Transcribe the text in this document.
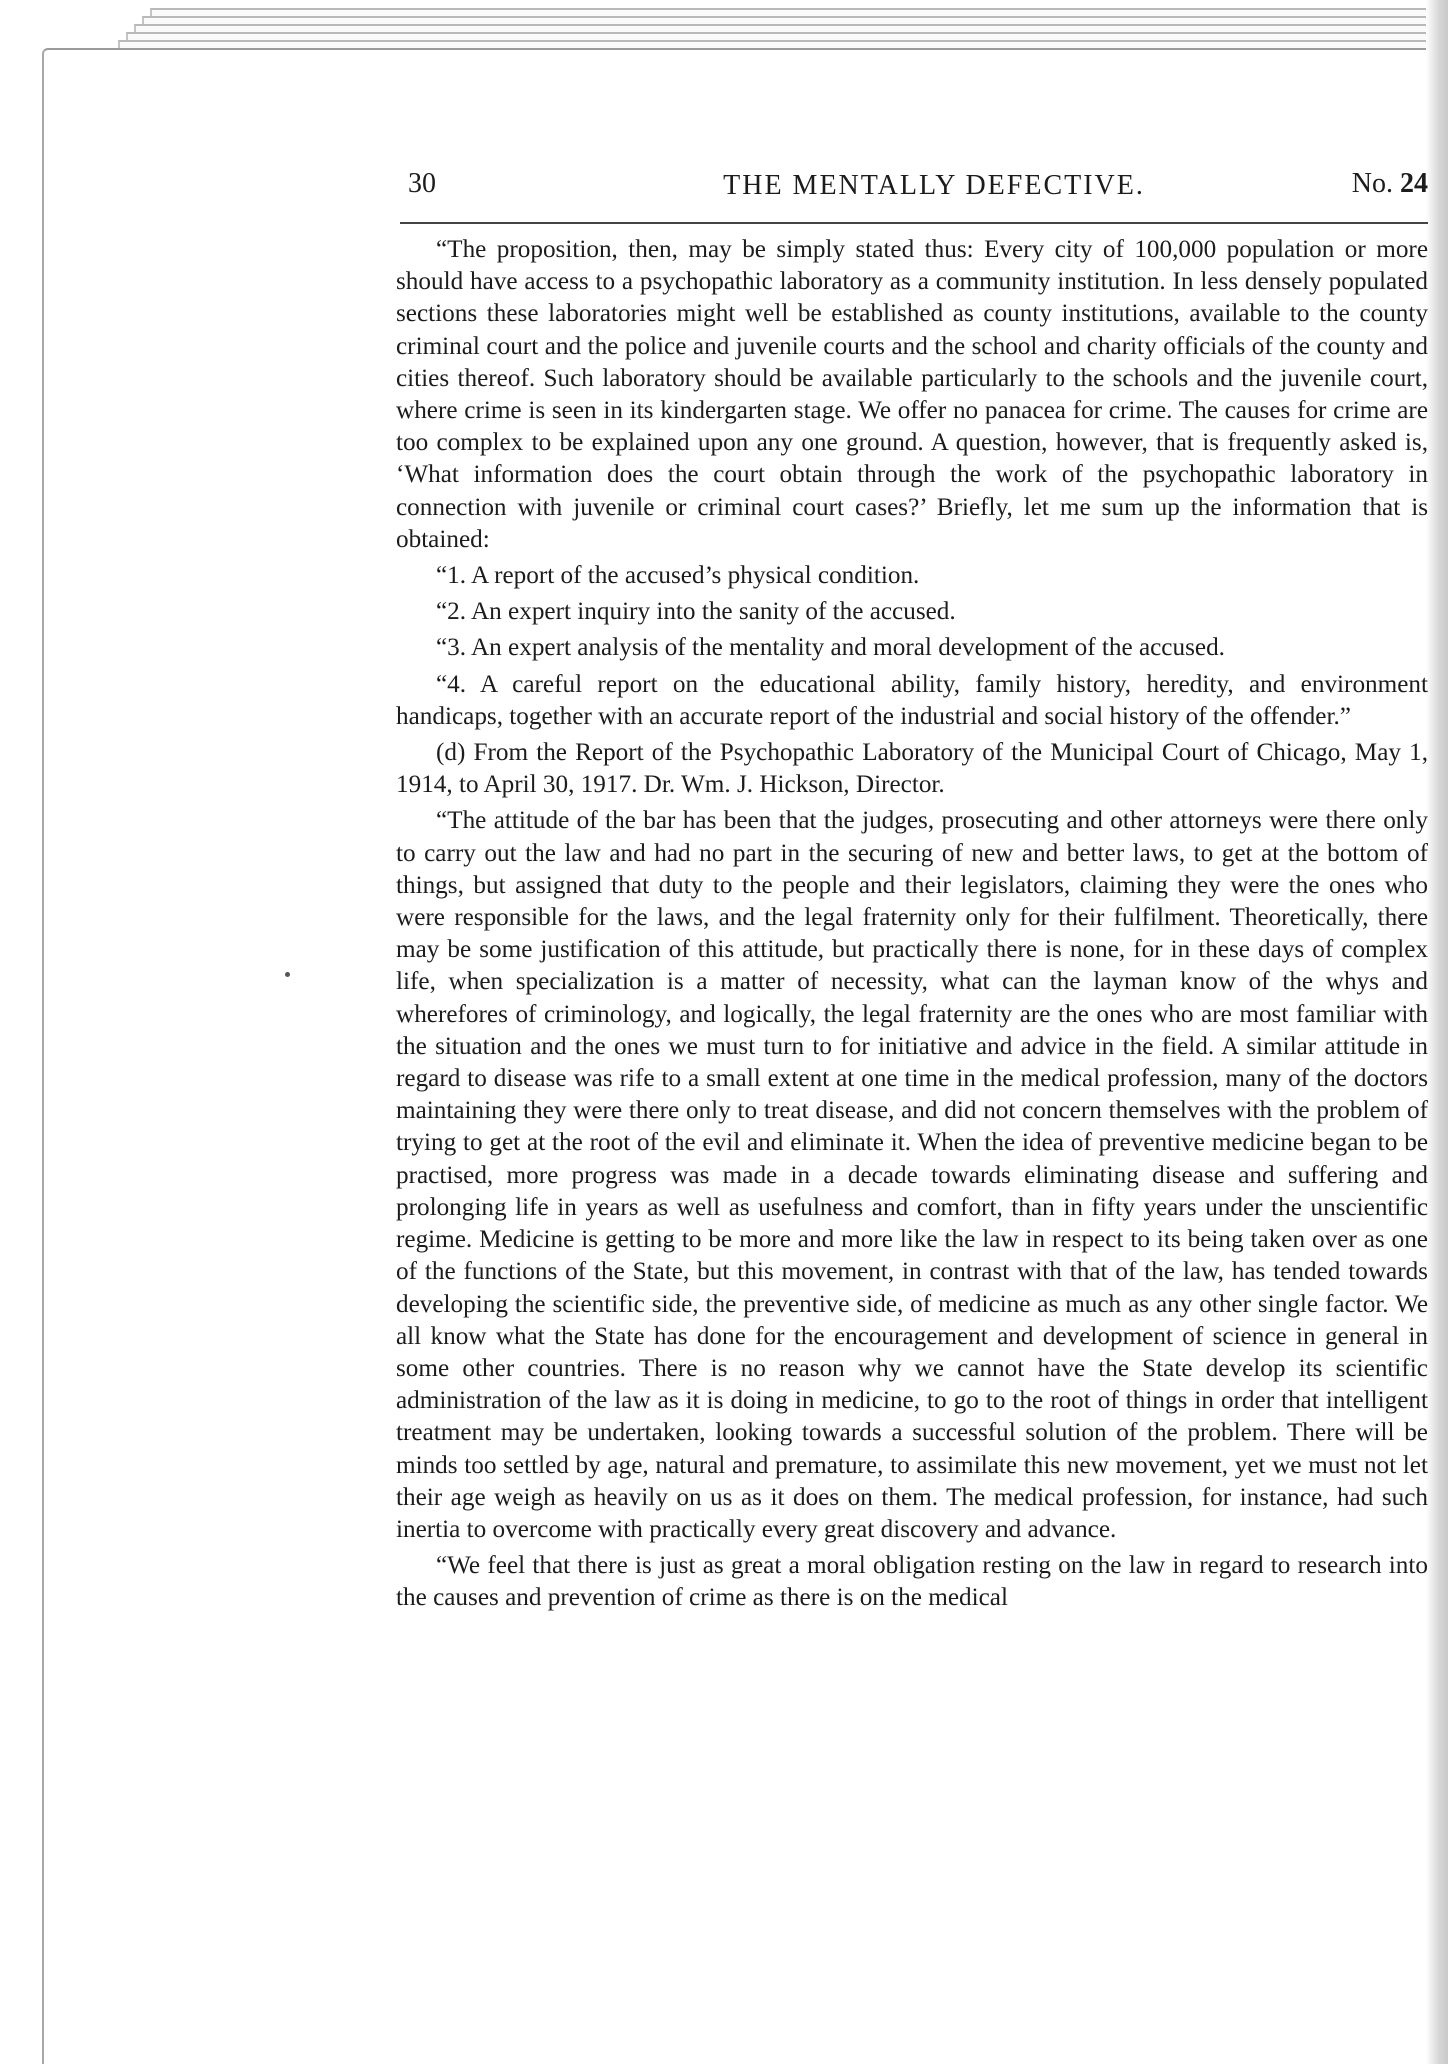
30	THE MENTALLY DEFECTIVE.	No. 24

“The proposition, then, may be simply stated thus: Every city of 100,000 population or more should have access to a psychopathic laboratory as a community institution. In less densely populated sections these laboratories might well be established as county institutions, available to the county criminal court and the police and juvenile courts and the school and charity officials of the county and cities thereof. Such laboratory should be available particularly to the schools and the juvenile court, where crime is seen in its kindergarten stage. We offer no panacea for crime. The causes for crime are too complex to be explained upon any one ground. A question, however, that is frequently asked is, ‘What information does the court obtain through the work of the psychopathic laboratory in connection with juvenile or criminal court cases?’ Briefly, let me sum up the information that is obtained:

“1. A report of the accused’s physical condition.

“2. An expert inquiry into the sanity of the accused.

“3. An expert analysis of the mentality and moral development of the accused.

“4. A careful report on the educational ability, family history, heredity, and environment handicaps, together with an accurate report of the industrial and social history of the offender.”

(d) From the Report of the Psychopathic Laboratory of the Municipal Court of Chicago, May 1, 1914, to April 30, 1917. Dr. Wm. J. Hickson, Director.

“The attitude of the bar has been that the judges, prosecuting and other attorneys were there only to carry out the law and had no part in the securing of new and better laws, to get at the bottom of things, but assigned that duty to the people and their legislators, claiming they were the ones who were responsible for the laws, and the legal fraternity only for their fulfilment. Theoretically, there may be some justification of this attitude, but practically there is none, for in these days of complex life, when specialization is a matter of necessity, what can the layman know of the whys and wherefores of criminology, and logically, the legal fraternity are the ones who are most familiar with the situation and the ones we must turn to for initiative and advice in the field. A similar attitude in regard to disease was rife to a small extent at one time in the medical profession, many of the doctors maintaining they were there only to treat disease, and did not concern themselves with the problem of trying to get at the root of the evil and eliminate it. When the idea of preventive medicine began to be practised, more progress was made in a decade towards eliminating disease and suffering and prolonging life in years as well as usefulness and comfort, than in fifty years under the unscientific regime. Medicine is getting to be more and more like the law in respect to its being taken over as one of the functions of the State, but this movement, in contrast with that of the law, has tended towards developing the scientific side, the preventive side, of medicine as much as any other single factor. We all know what the State has done for the encouragement and development of science in general in some other countries. There is no reason why we cannot have the State develop its scientific administration of the law as it is doing in medicine, to go to the root of things in order that intelligent treatment may be undertaken, looking towards a successful solution of the problem. There will be minds too settled by age, natural and premature, to assimilate this new movement, yet we must not let their age weigh as heavily on us as it does on them. The medical profession, for instance, had such inertia to overcome with practically every great discovery and advance.

“We feel that there is just as great a moral obligation resting on the law in regard to research into the causes and prevention of crime as there is on the medical
